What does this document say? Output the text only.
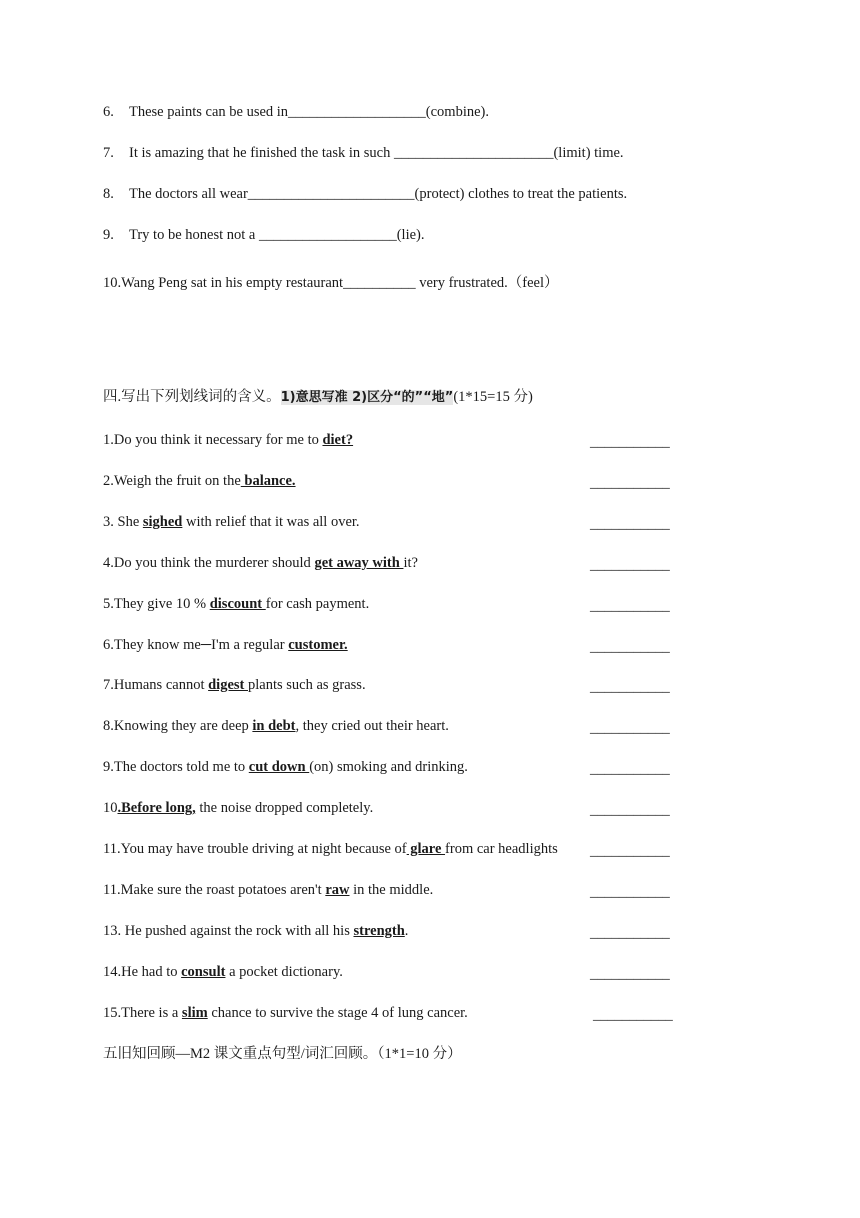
6. These paints can be used in___________________(combine).
7. It is amazing that he finished the task in such ______________________(limit) time.
8. The doctors all wear_______________________(protect) clothes to treat the patients.
9. Try to be honest not a ___________________(lie).
10.Wang Peng sat in his empty restaurant__________ very frustrated.（feel）
四.写出下列划线词的含义。1)意思写准 2)区分“的”“地”(1*15=15 分)
1.Do you think it necessary for me to diet?	___________
2.Weigh the fruit on the balance.	___________
3. She sighed with relief that it was all over.	___________
4.Do you think the murderer should get away with it?	___________
5.They give 10 % discount for cash payment.	___________
6.They know me─I'm a regular customer.	___________
7.Humans cannot digest plants such as grass.	___________
8.Knowing they are deep in debt, they cried out their heart.	___________
9.The doctors told me to cut down (on) smoking and drinking.	___________
10.Before long, the noise dropped completely.	___________
11.You may have trouble driving at night because of glare from car headlights ___________
11.Make sure the roast potatoes aren't raw in the middle.	___________
13. He pushed against the rock with all his strength.	___________
14.He had to consult a pocket dictionary.	___________
15.There is a slim chance to survive the stage 4 of lung cancer.	___________
五旧知回顾—M2 课文重点句型/词汇回顾。（1*1=10 分）
